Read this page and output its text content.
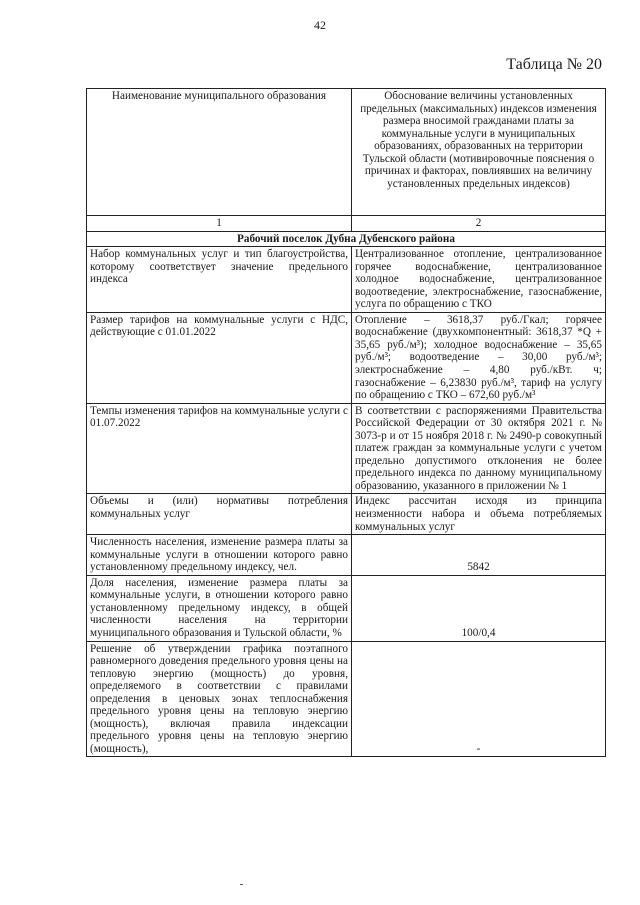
42
Таблица № 20
Наименование муниципального образования	Обоснование величины установленных предельных (максимальных) индексов изменения размера вносимой гражданами платы за коммунальные услуги в муниципальных образованиях, образованных на территории Тульской области (мотивировочные пояснения о причинах и факторах, повлиявших на величину установленных предельных индексов)
1	2
Рабочий поселок Дубна Дубенского района	
Набор коммунальных услуг и тип благоустройства, которому соответствует значение предельного индекса	Централизованное отопление, централизованное горячее водоснабжение, централизованное холодное водоснабжение, централизованное водоотведение, электроснабжение, газоснабжение, услуга по обращению с ТКО
Размер тарифов на коммунальные услуги с НДС, действующие с 01.01.2022	Отопление – 3618,37 руб./Гкал; горячее водоснабжение (двухкомпонентный: 3618,37 *Q + 35,65 руб./м³); холодное водоснабжение – 35,65 руб./м³; водоотведение – 30,00 руб./м³; электроснабжение – 4,80 руб./кВт. ч; газоснабжение – 6,23830 руб./м³, тариф на услугу по обращению с ТКО – 672,60 руб./м³
Темпы изменения тарифов на коммунальные услуги с 01.07.2022	В соответствии с распоряжениями Правительства Российской Федерации от 30 октября 2021 г. № 3073-р и от 15 ноября 2018 г. № 2490-р совокупный платеж граждан за коммунальные услуги с учетом предельно допустимого отклонения не более предельного индекса по данному муниципальному образованию, указанного в приложении № 1
Объемы и (или) нормативы потребления коммунальных услуг	Индекс рассчитан исходя из принципа неизменности набора и объема потребляемых коммунальных услуг
Численность населения, изменение размера платы за коммунальные услуги в отношении которого равно установленному предельному индексу, чел.	5842
Доля населения, изменение размера платы за коммунальные услуги, в отношении которого равно установленному предельному индексу, в общей численности населения на территории муниципального образования и Тульской области, %	100/0,4
Решение об утверждении графика поэтапного равномерного доведения предельного уровня цены на тепловую энергию (мощность) до уровня, определяемого в соответствии с правилами определения в ценовых зонах теплоснабжения предельного уровня цены на тепловую энергию (мощность), включая правила индексации предельного уровня цены на тепловую энергию (мощность),	-
